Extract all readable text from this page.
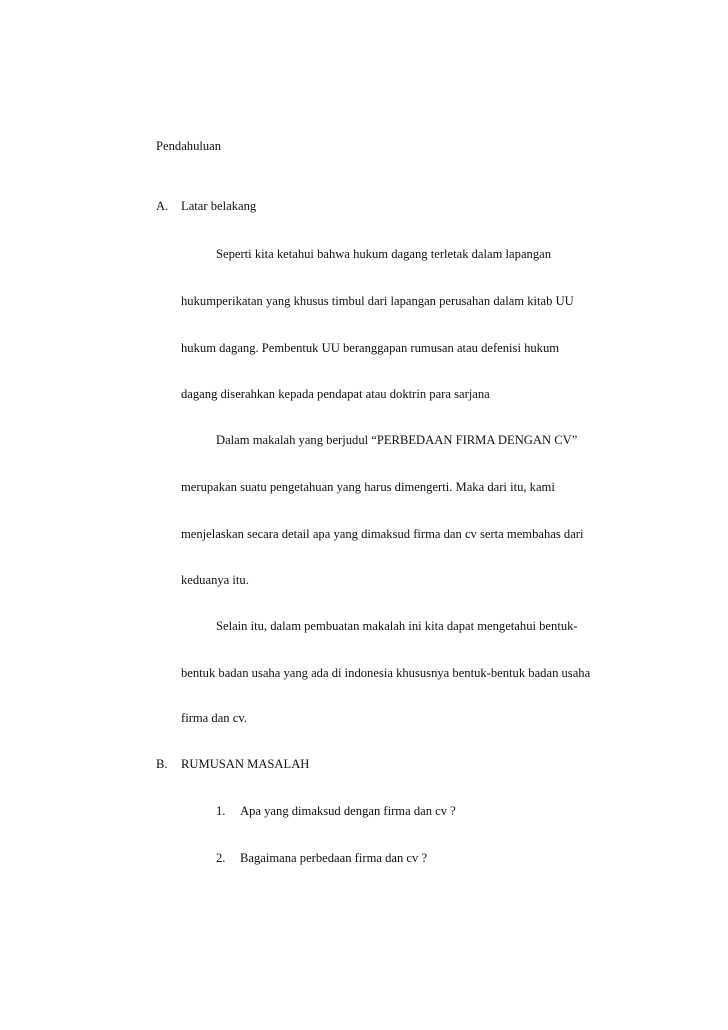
Pendahuluan
A. Latar belakang
Seperti kita ketahui bahwa hukum dagang terletak dalam lapangan
hukumperikatan yang khusus timbul dari lapangan perusahan dalam kitab UU
hukum dagang. Pembentuk UU beranggapan rumusan atau defenisi hukum
dagang diserahkan kepada pendapat atau doktrin para sarjana
Dalam makalah yang berjudul “PERBEDAAN FIRMA DENGAN CV”
merupakan suatu pengetahuan yang harus dimengerti. Maka dari itu, kami
menjelaskan secara detail apa yang dimaksud firma dan cv serta membahas dari
keduanya itu.
Selain itu, dalam pembuatan makalah ini kita dapat mengetahui bentuk-
bentuk badan usaha yang ada di indonesia khususnya bentuk-bentuk badan usaha
firma dan cv.
B. RUMUSAN MASALAH
1. Apa yang dimaksud dengan firma dan cv ?
2. Bagaimana perbedaan firma dan cv ?
